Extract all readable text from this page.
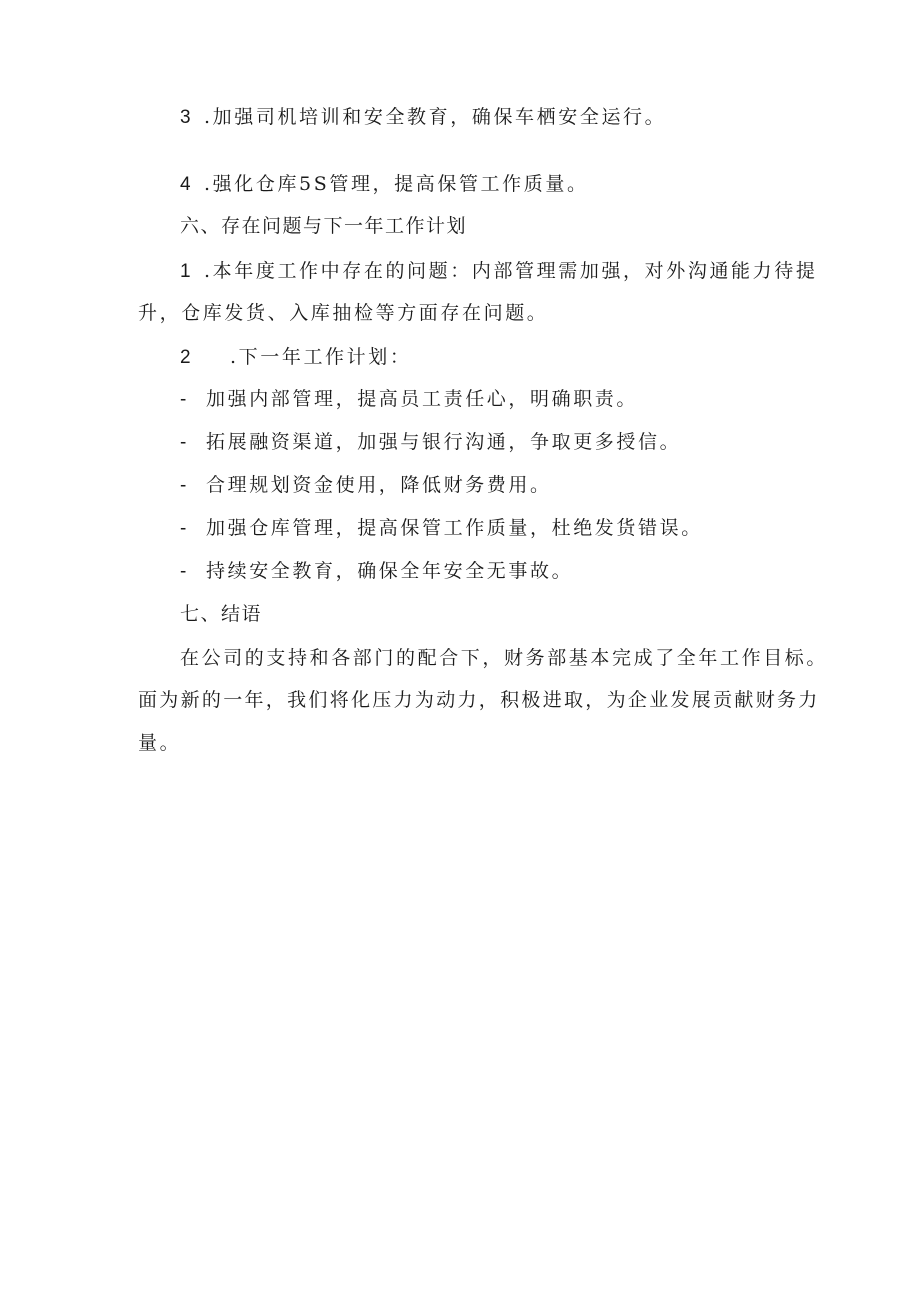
3 .加强司机培训和安全教育，确保车栖安全运行。
4 .强化仓库5S管理，提高保管工作质量。
六、存在问题与下一年工作计划
1 .本年度工作中存在的问题：内部管理需加强，对外沟通能力待提
升，仓库发货、入库抽检等方面存在问题。
2 .下一年工作计划：
- 加强内部管理，提高员工责任心，明确职责。
- 拓展融资渠道，加强与银行沟通，争取更多授信。
- 合理规划资金使用，降低财务费用。
- 加强仓库管理，提高保管工作质量，杜绝发货错误。
- 持续安全教育，确保全年安全无事故。
七、结语
在公司的支持和各部门的配合下，财务部基本完成了全年工作目标。
面为新的一年，我们将化压力为动力，积极进取，为企业发展贡献财务力
量。
